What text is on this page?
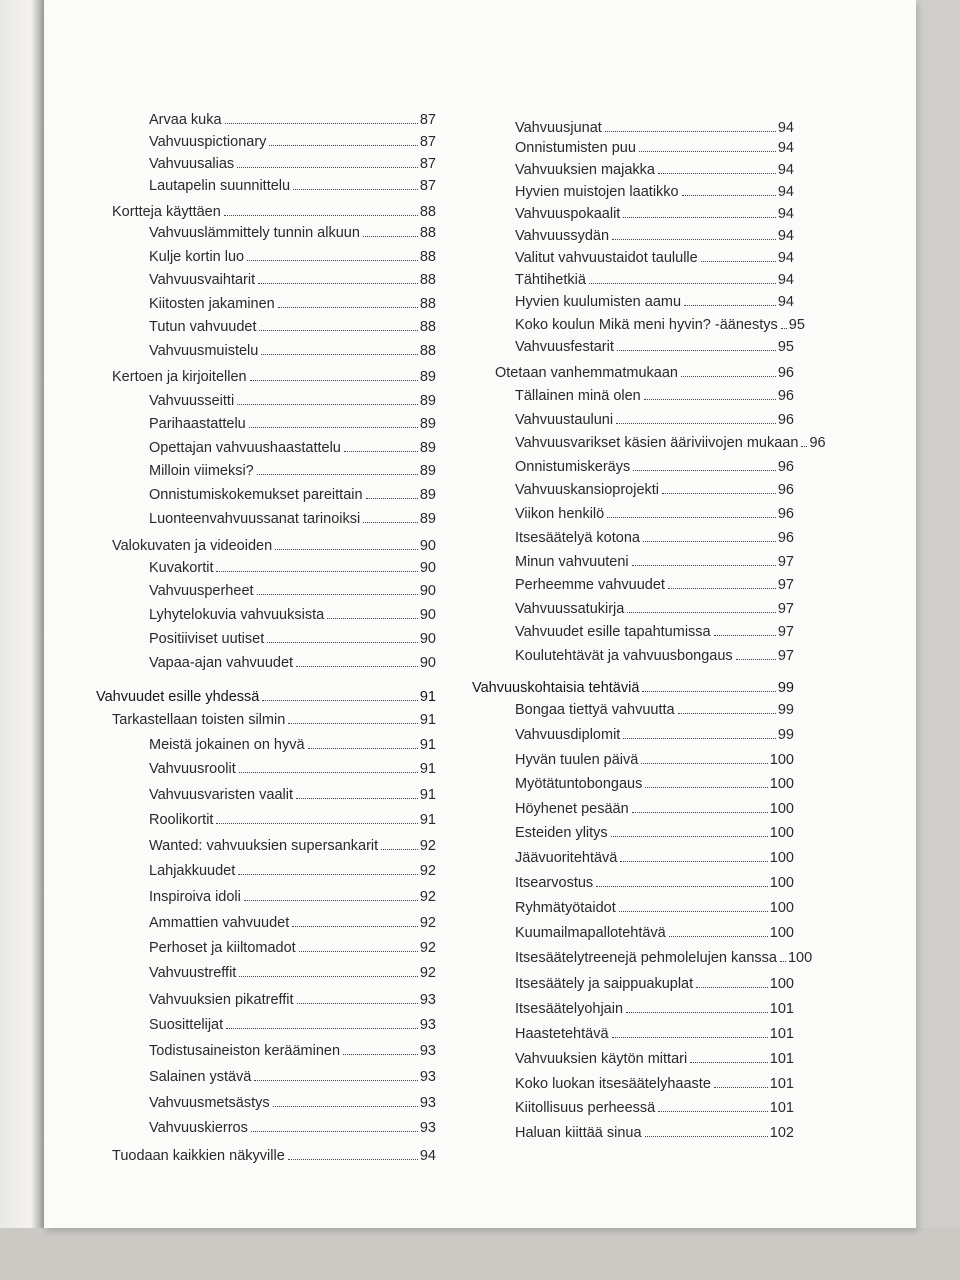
Arvaa kuka	87
Vahvuuspictionary	87
Vahvuusalias	87
Lautapelin suunnittelu	87
Kortteja käyttäen	88
Vahvuuslämmittely tunnin alkuun	88
Kulje kortin luo	88
Vahvuusvaihtarit	88
Kiitosten jakaminen	88
Tutun vahvuudet	88
Vahvuusmuistelu	88
Kertoen ja kirjoitellen	89
Vahvuusseitti	89
Parihaastattelu	89
Opettajan vahvuushaastattelu	89
Milloin viimeksi?	89
Onnistumiskokemukset pareittain	89
Luonteenvahvuussanat tarinoiksi	89
Valokuvaten ja videoiden	90
Kuvakortit	90
Vahvuusperheet	90
Lyhytelokuvia vahvuuksista	90
Positiiviset uutiset	90
Vapaa-ajan vahvuudet	90
Vahvuudet esille yhdessä	91
Tarkastellaan toisten silmin	91
Meistä jokainen on hyvä	91
Vahvuusroolit	91
Vahvuusvaristen vaalit	91
Roolikortit	91
Wanted: vahvuuksien supersankarit	92
Lahjakkuudet	92
Inspiroiva idoli	92
Ammattien vahvuudet	92
Perhoset ja kiiltomadot	92
Vahvuustreffit	92
Vahvuuksien pikatreffit	93
Suosittelijat	93
Todistusaineiston kerääminen	93
Salainen ystävä	93
Vahvuusmetsästys	93
Vahvuuskierros	93
Tuodaan kaikkien näkyville	94
Vahvuusjunat	94
Onnistumisten puu	94
Vahvuuksien majakka	94
Hyvien muistojen laatikko	94
Vahvuuspokaalit	94
Vahvuussydän	94
Valitut vahvuustaidot taululle	94
Tähtihetkiä	94
Hyvien kuulumisten aamu	94
Koko koulun Mikä meni hyvin? -äänestys 95
Vahvuusfestarit	95
Otetaan vanhemmatmukaan	96
Tällainen minä olen	96
Vahvuustauluni	96
Vahvuusvarikset käsien ääriviivojen mukaan 96
Onnistumiskeräys	96
Vahvuuskansioprojekti	96
Viikon henkilö	96
Itsesäätelyä kotona	96
Minun vahvuuteni	97
Perheemme vahvuudet	97
Vahvuussatukirja	97
Vahvuudet esille tapahtumissa	97
Koulutehtävät ja vahvuusbongaus	97
Vahvuuskohtaisia tehtäviä	99
Bongaa tiettyä vahvuutta	99
Vahvuusdiplomit	99
Hyvän tuulen päivä	100
Myötätuntobongaus	100
Höyhenet pesään	100
Esteiden ylitys	100
Jäävuoritehtävä	100
Itsearvostus	100
Ryhmätyötaidot	100
Kuumailmapallotehtävä	100
Itsesäätelytreenejä pehmolelujen kanssa 100
Itsesäätely ja saippuakuplat	100
Itsesäätelyohjain	101
Haastetehtävä	101
Vahvuuksien käytön mittari	101
Koko luokan itsesäätelyhaaste	101
Kiitollisuus perheessä	101
Haluan kiittää sinua	102
